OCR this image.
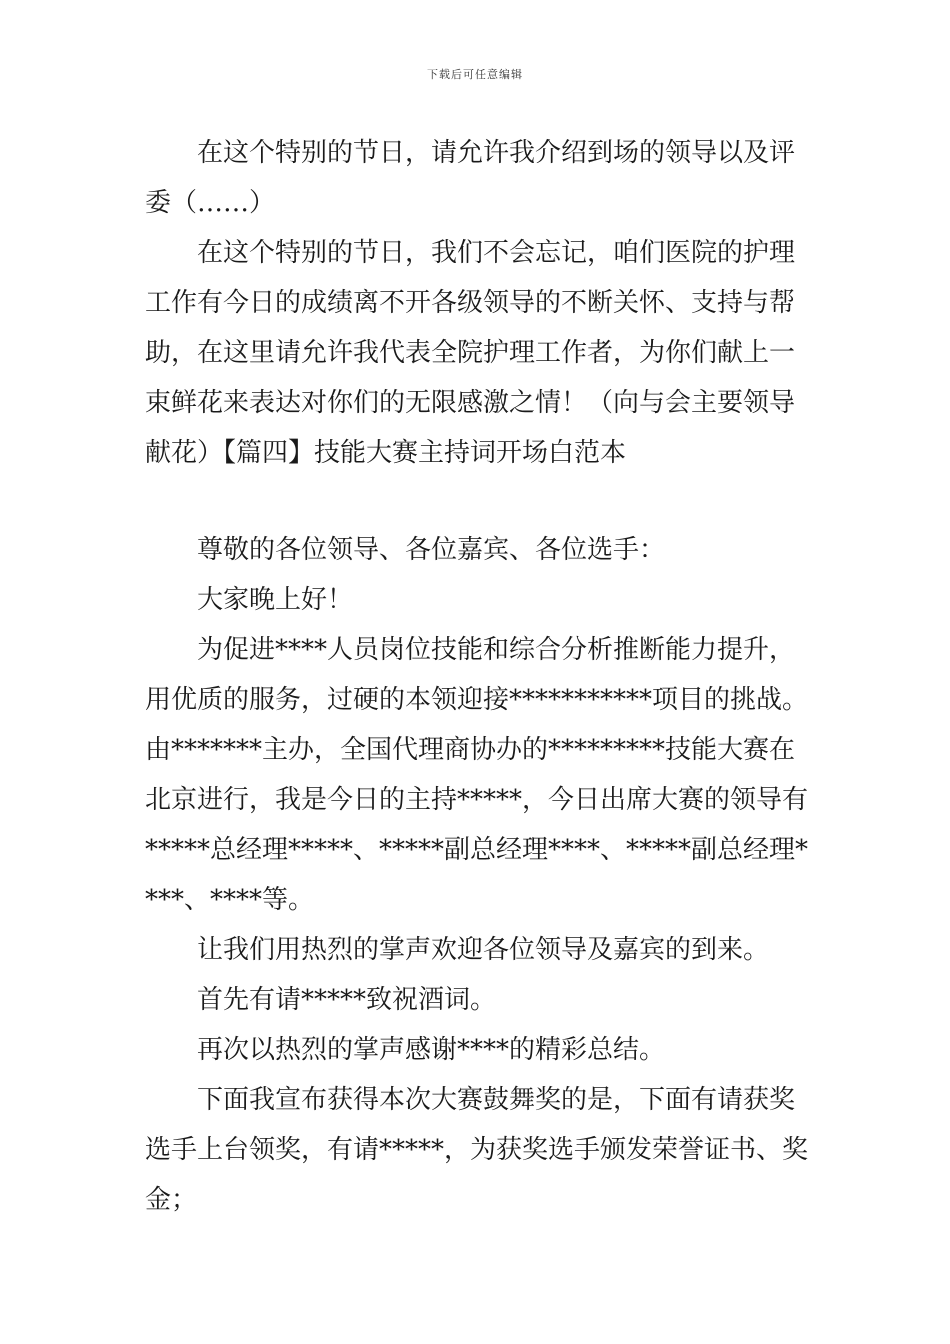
下载后可任意编辑
在这个特别的节日，请允许我介绍到场的领导以及评
委（……）
在这个特别的节日，我们不会忘记，咱们医院的护理
工作有今日的成绩离不开各级领导的不断关怀、支持与帮
助，在这里请允许我代表全院护理工作者，为你们献上一
束鲜花来表达对你们的无限感激之情！（向与会主要领导
献花）【篇四】技能大赛主持词开场白范本
尊敬的各位领导、各位嘉宾、各位选手：
大家晚上好！
为促进****人员岗位技能和综合分析推断能力提升，
用优质的服务，过硬的本领迎接***********项目的挑战。
由*******主办，全国代理商协办的*********技能大赛在
北京进行，我是今日的主持*****，今日出席大赛的领导有
*****总经理*****、*****副总经理****、*****副总经理*
***、****等。
让我们用热烈的掌声欢迎各位领导及嘉宾的到来。
首先有请*****致祝酒词。
再次以热烈的掌声感谢****的精彩总结。
下面我宣布获得本次大赛鼓舞奖的是，下面有请获奖
选手上台领奖，有请*****，为获奖选手颁发荣誉证书、奖
金；
